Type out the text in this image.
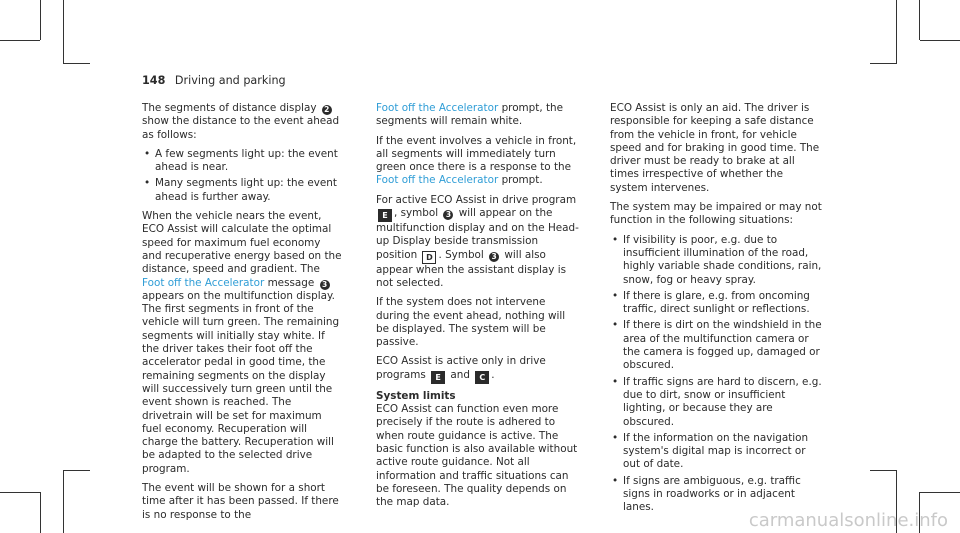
148 Driving and parking

The segments of distance display 2 show the distance to the event ahead as follows:

• A few segments light up: the event ahead is near.
• Many segments light up: the event ahead is further away.

When the vehicle nears the event, ECO Assist will calculate the optimal speed for maximum fuel economy and recuperative energy based on the distance, speed and gradient. The Foot off the Accelerator message 3 appears on the multifunction display. The first segments in front of the vehicle will turn green. The remaining segments will initially stay white. If the driver takes their foot off the accelerator pedal in good time, the remaining segments on the display will successively turn green until the event shown is reached. The drivetrain will be set for maximum fuel economy. Recuperation will charge the battery. Recuperation will be adapted to the selected drive program.

The event will be shown for a short time after it has been passed. If there is no response to the

Foot off the Accelerator prompt, the segments will remain white.

If the event involves a vehicle in front, all segments will immediately turn green once there is a response to the Foot off the Accelerator prompt.

For active ECO Assist in drive program E , symbol 3 will appear on the multifunction display and on the Head-up Display beside transmission position D . Symbol 3 will also appear when the assistant display is not selected.

If the system does not intervene during the event ahead, nothing will be displayed. The system will be passive.

ECO Assist is active only in drive programs E and C .

System limits

ECO Assist can function even more precisely if the route is adhered to when route guidance is active. The basic function is also available without active route guidance. Not all information and traffic situations can be foreseen. The quality depends on the map data.

ECO Assist is only an aid. The driver is responsible for keeping a safe distance from the vehicle in front, for vehicle speed and for braking in good time. The driver must be ready to brake at all times irrespective of whether the system intervenes.

The system may be impaired or may not function in the following situations:

• If visibility is poor, e.g. due to insufficient illumination of the road, highly variable shade conditions, rain, snow, fog or heavy spray.
• If there is glare, e.g. from oncoming traffic, direct sunlight or reflections.
• If there is dirt on the windshield in the area of the multifunction camera or the camera is fogged up, damaged or obscured.
• If traffic signs are hard to discern, e.g. due to dirt, snow or insufficient lighting, or because they are obscured.
• If the information on the navigation system's digital map is incorrect or out of date.
• If signs are ambiguous, e.g. traffic signs in roadworks or in adjacent lanes.
carmanualsonline.info
